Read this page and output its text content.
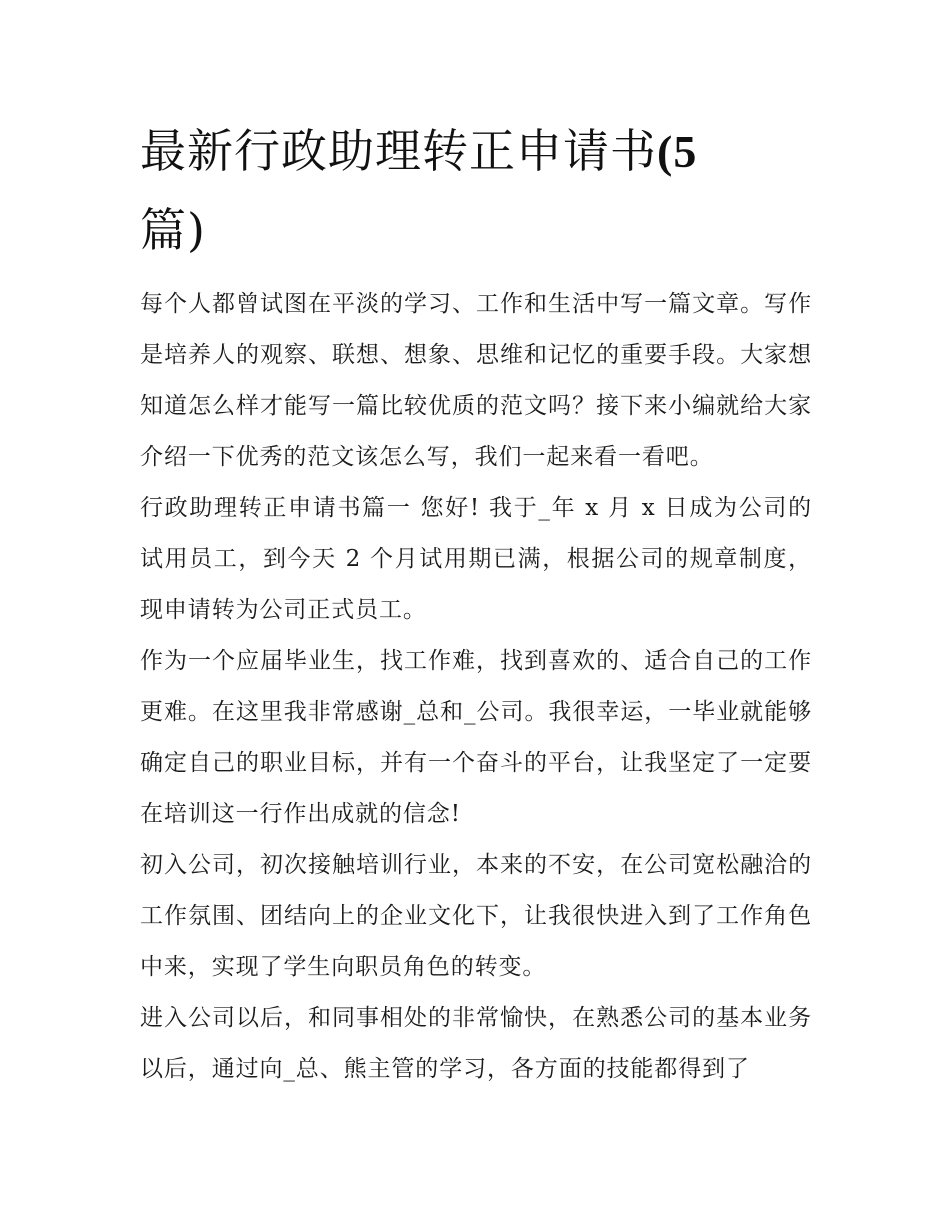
最新行政助理转正申请书(5
篇)

每个人都曾试图在平淡的学习、工作和生活中写一篇文章。写作是培养人的观察、联想、想象、思维和记忆的重要手段。大家想知道怎么样才能写一篇比较优质的范文吗？接下来小编就给大家介绍一下优秀的范文该怎么写，我们一起来看一看吧。

行政助理转正申请书篇一 您好! 我于_年 x 月 x 日成为公司的试用员工，到今天 2 个月试用期已满，根据公司的规章制度，现申请转为公司正式员工。

作为一个应届毕业生，找工作难，找到喜欢的、适合自己的工作更难。在这里我非常感谢_总和_公司。我很幸运，一毕业就能够确定自己的职业目标，并有一个奋斗的平台，让我坚定了一定要在培训这一行作出成就的信念!

初入公司，初次接触培训行业，本来的不安，在公司宽松融洽的工作氛围、团结向上的企业文化下，让我很快进入到了工作角色中来，实现了学生向职员角色的转变。

进入公司以后，和同事相处的非常愉快，在熟悉公司的基本业务以后，通过向_总、熊主管的学习，各方面的技能都得到了
